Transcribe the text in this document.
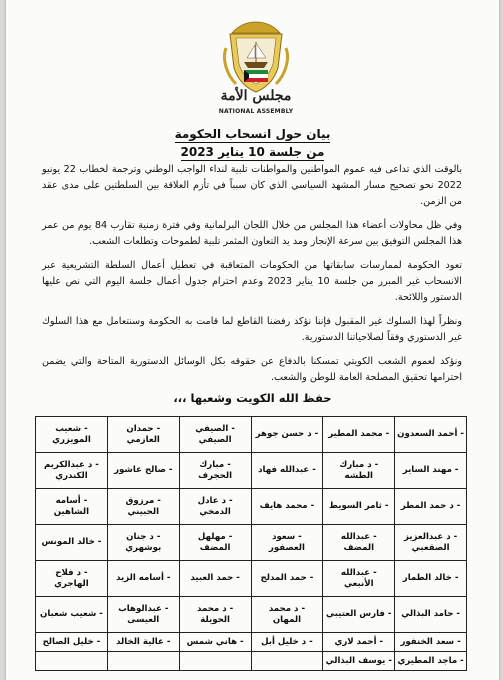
مجلس الأمة
NATIONAL ASSEMBLY
بيان حول انسحاب الحكومة
من جلسة 10 يناير 2023

بالوقت الذي تداعى فيه عموم المواطنين والمواطنات تلبية لنداء الواجب الوطني وترجمة لخطاب 22 يونيو 2022 نحو تصحيح مسار المشهد السياسي الذي كان سبباً في تأزم العلاقة بين السلطتين على مدى عقد من الزمن.

وفي ظل محاولات أعضاء هذا المجلس من خلال اللجان البرلمانية وفي فترة زمنية تقارب 84 يوم من عمر هذا المجلس التوفيق بين سرعة الإنجاز ومد يد التعاون المثمر تلبية لطموحات وتطلعات الشعب.

تعود الحكومة لممارسات سابقاتها من الحكومات المتعاقبة في تعطيل أعمال السلطة التشريعية عبر الانسحاب غير المبرر من جلسة 10 يناير 2023 وعدم احترام جدول أعمال جلسة اليوم التي نص عليها الدستور واللائحة.

ونظراً لهذا السلوك غير المقبول فإننا نؤكد رفضنا القاطع لما قامت به الحكومة وسنتعامل مع هذا السلوك غير الدستوري وفقاً لصلاحياتنا الدستورية.

ونؤكد لعموم الشعب الكويتي تمسكنا بالدفاع عن حقوقه بكل الوسائل الدستورية المتاحة والتي يضمن احترامها تحقيق المصلحة العامة للوطن والشعب.

حفظ الله الكويت وشعبها ،،،
- أحمد السعدون	- محمد المطير	- د حسن جوهر	- الصيفي الصيفي	- حمدان العازمي	- شعيب المويزري
- مهند الساير	- د مبارك الطشه	- عبدالله فهاد	- مبارك الحجرف	- صالح عاشور	- د عبدالكريم الكندري
- د حمد المطر	- ثامر السويط	- محمد هايف	- د عادل الدمخي	- مرزوق الحبيني	- أسامه الشاهين
- د عبدالعزيز الصقعبي	- عبدالله المضف	- سعود العصفور	- مهلهل المضف	- د جنان بوشهري	- خالد المونس
- خالد الطمار	- عبدالله الأنبعي	- حمد المدلج	- حمد العبيد	- أسامه الزيد	- د فلاح الهاجري
- حامد البذالي	- فارس العتيبي	- د محمد المهان	- د محمد الحويلة	- عبدالوهاب العيسى	- شعيب شعبان
- سعد الخنفور	- أحمد لاري	- د خليل أبل	- هاني شمس	- عالية الخالد	- خليل الصالح
- ماجد المطيري	- يوسف البذالي				
